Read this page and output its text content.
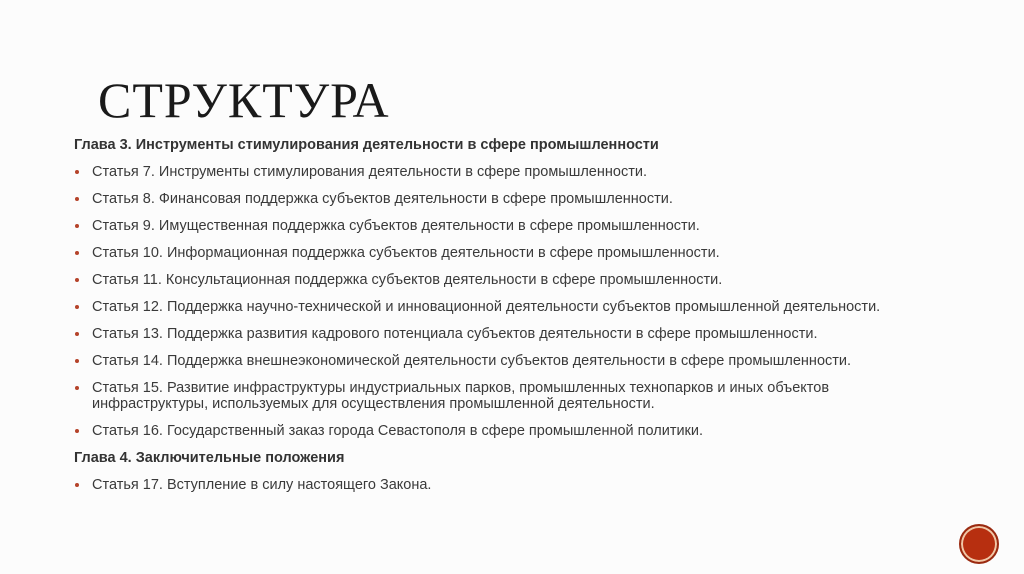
СТРУКТУРА
Глава 3. Инструменты стимулирования деятельности в сфере промышленности
Статья 7. Инструменты стимулирования деятельности в сфере промышленности.
Статья 8. Финансовая поддержка субъектов деятельности в сфере промышленности.
Статья 9. Имущественная поддержка субъектов деятельности в сфере промышленности.
Статья 10. Информационная поддержка субъектов деятельности в сфере промышленности.
Статья 11. Консультационная поддержка субъектов деятельности в сфере промышленности.
Статья 12. Поддержка научно-технической и инновационной деятельности субъектов промышленной деятельности.
Статья 13. Поддержка развития кадрового потенциала субъектов деятельности в сфере промышленности.
Статья 14. Поддержка внешнеэкономической деятельности субъектов деятельности в сфере промышленности.
Статья 15. Развитие инфраструктуры индустриальных парков, промышленных технопарков и иных объектов инфраструктуры, используемых для осуществления промышленной деятельности.
Статья 16. Государственный заказ города Севастополя в сфере промышленной политики.
Глава 4. Заключительные положения
Статья 17. Вступление в силу настоящего Закона.
